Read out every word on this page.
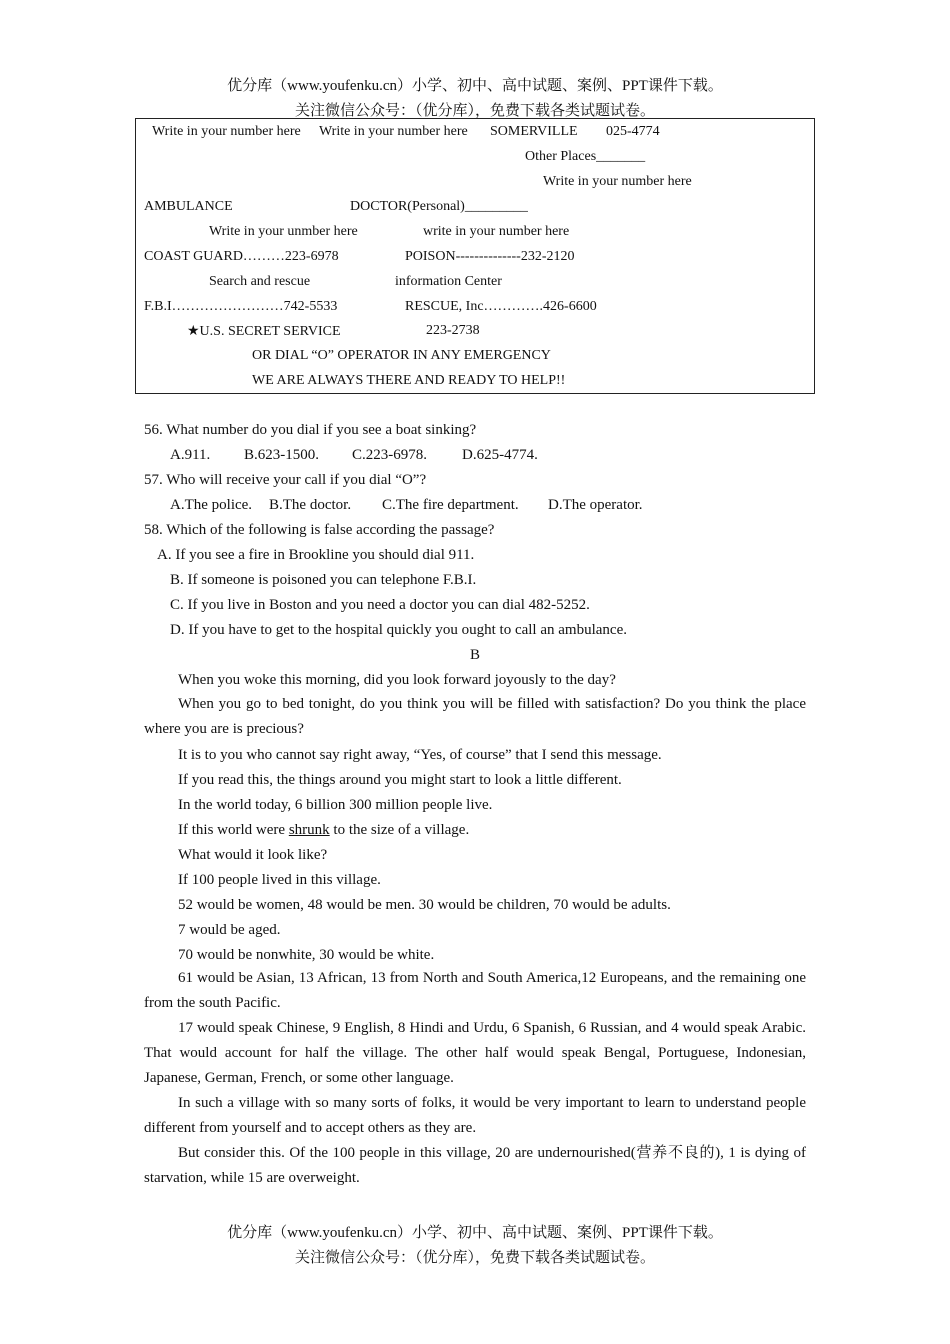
优分库（www.youfenku.cn）小学、初中、高中试题、案例、PPT课件下载。
关注微信公众号：（优分库），免费下载各类试题试卷。
Write in your number here Write in your number here SOMERVILLE 025-4774
Other Places_______
Write in your number here
AMBULANCE	DOCTOR(Personal)_________
Write in your unmber here	write in your number here
COAST GUARD………223-6978	POISON--------------232-2120
Search and rescue	information Center
F.B.I……………………742-5533	RESCUE, Inc………….426-6600
★U.S. SECRET SERVICE	223-2738
OR DIAL “O” OPERATOR IN ANY EMERGENCY
WE ARE ALWAYS THERE AND READY TO HELP!!
56. What number do you dial if you see a boat sinking?
A.911. B.623-1500. C.223-6978. D.625-4774.
57. Who will receive your call if you dial “O”?
A.The police. B.The doctor. C.The fire department. D.The operator.
58. Which of the following is false according the passage?
A. If you see a fire in Brookline you should dial 911.
B. If someone is poisoned you can telephone F.B.I.
C. If you live in Boston and you need a doctor you can dial 482-5252.
D. If you have to get to the hospital quickly you ought to call an ambulance.
B
When you woke this morning, did you look forward joyously to the day?
When you go to bed tonight, do you think you will be filled with satisfaction? Do you think the place where you are is precious?
It is to you who cannot say right away, “Yes, of course” that I send this message.
If you read this, the things around you might start to look a little different.
In the world today, 6 billion 300 million people live.
If this world were shrunk to the size of a village.
What would it look like?
If 100 people lived in this village.
52 would be women, 48 would be men. 30 would be children, 70 would be adults.
7 would be aged.
70 would be nonwhite, 30 would be white.
61 would be Asian, 13 African, 13 from North and South America,12 Europeans, and the remaining one from the south Pacific.
17 would speak Chinese, 9 English, 8 Hindi and Urdu, 6 Spanish, 6 Russian, and 4 would speak Arabic. That would account for half the village. The other half would speak Bengal, Portuguese, Indonesian, Japanese, German, French, or some other language.
In such a village with so many sorts of folks, it would be very important to learn to understand people different from yourself and to accept others as they are.
But consider this. Of the 100 people in this village, 20 are undernourished(营养不良的), 1 is dying of starvation, while 15 are overweight.
优分库（www.youfenku.cn）小学、初中、高中试题、案例、PPT课件下载。
关注微信公众号：（优分库），免费下载各类试题试卷。
